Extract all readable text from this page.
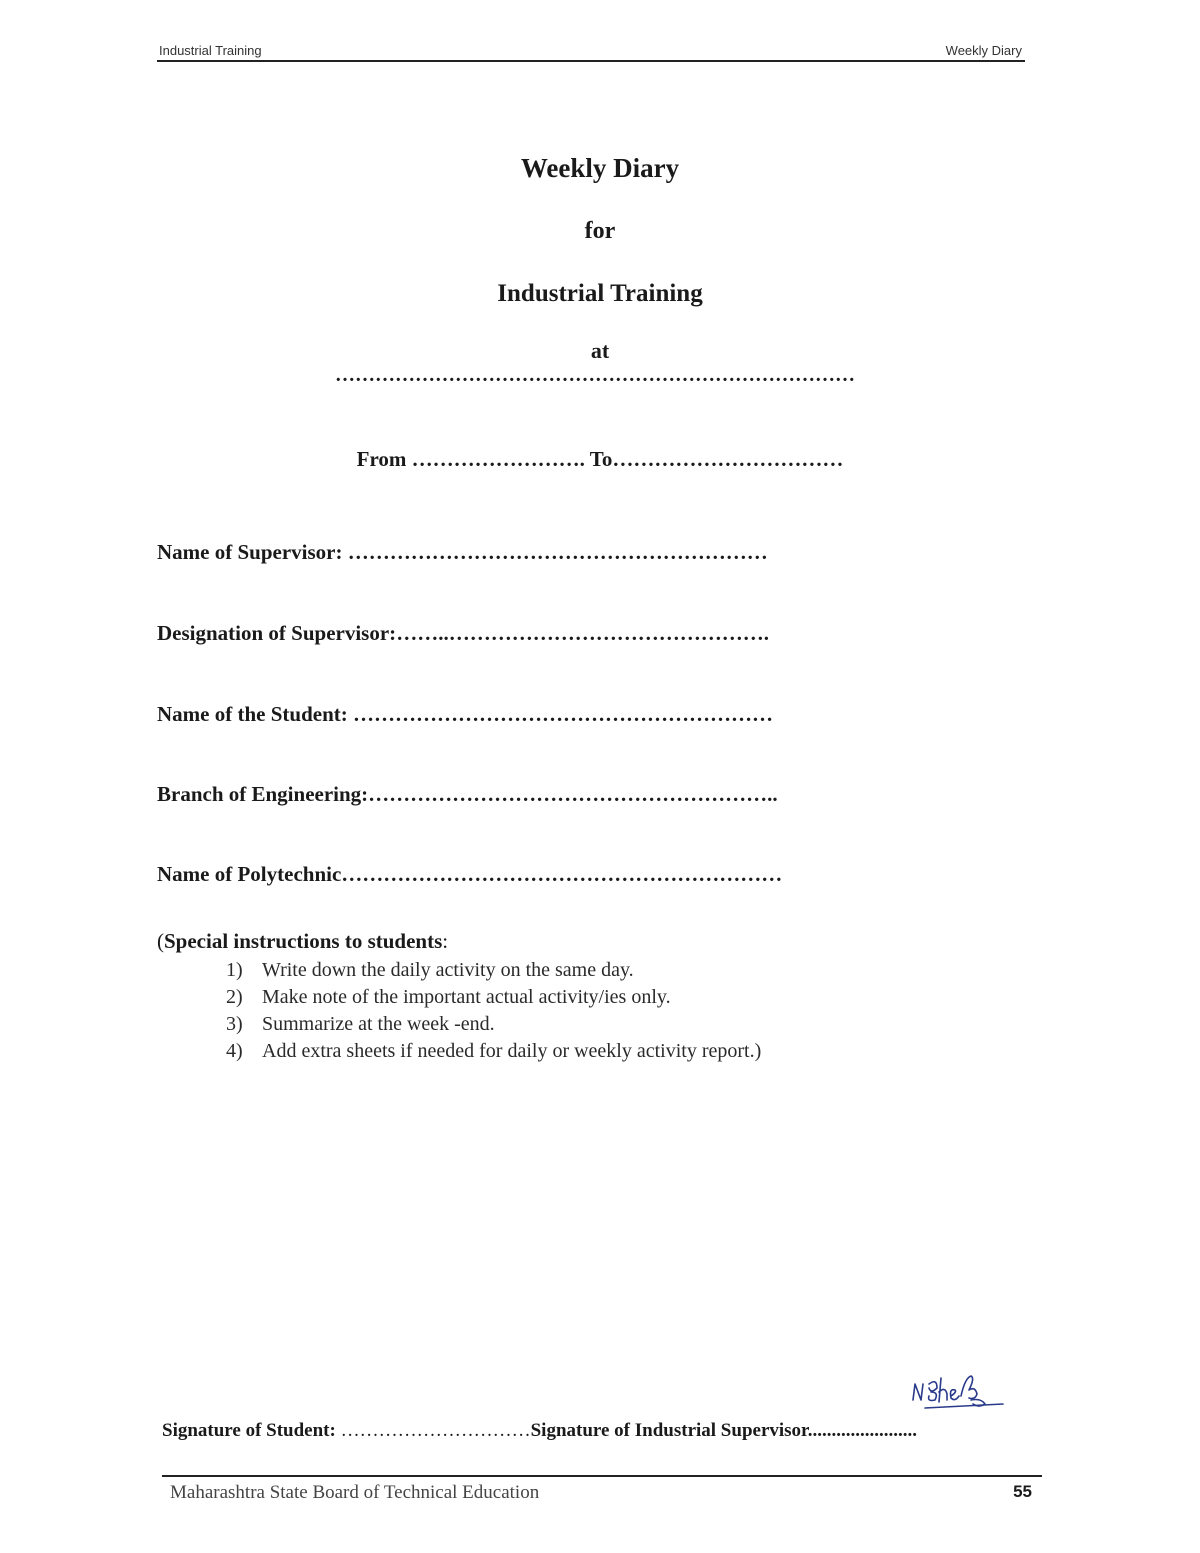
Industrial Training	Weekly Diary
Weekly Diary
for
Industrial Training
at
……………………………………………………………………
From ……………………. To……………………………
Name of Supervisor: ……………………………………………………
Designation of Supervisor:……..……………………………………….
Name of the Student: ……………………………………………………
Branch of Engineering:…………………………………………………..
Name of Polytechnic………………………………………………………
(Special instructions to students:
1) Write down the daily activity on the same day.
2) Make note of the important actual activity/ies only.
3) Summarize at the week -end.
4) Add extra sheets if needed for daily or weekly activity report.)
Signature of Student: …………………………Signature of Industrial Supervisor.......................
Maharashtra State Board of Technical Education	55
